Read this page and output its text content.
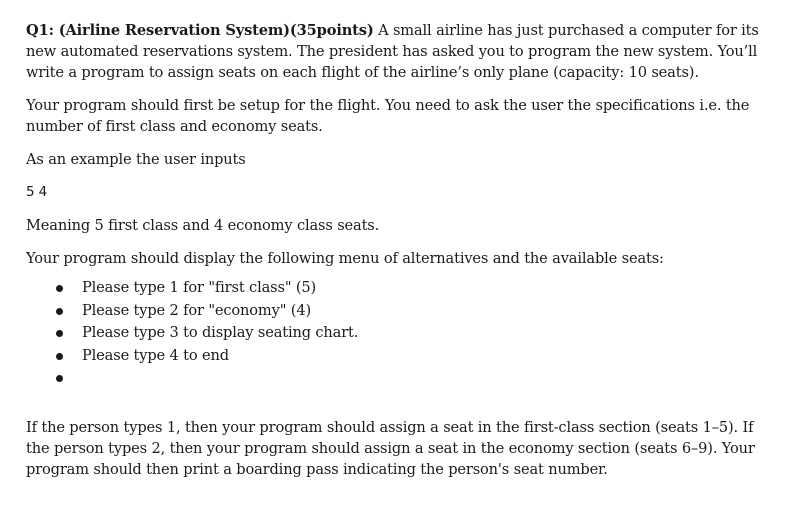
Q1: (Airline Reservation System)(35points) A small airline has just purchased a computer for its new automated reservations system. The president has asked you to program the new system. You’ll write a program to assign seats on each flight of the airline’s only plane (capacity: 10 seats).

Your program should first be setup for the flight. You need to ask the user the specifications i.e. the number of first class and economy seats.

As an example the user inputs

5 4

Meaning 5 first class and 4 economy class seats.

Your program should display the following menu of alternatives and the available seats:

Please type 1 for "first class" (5)
Please type 2 for "economy" (4)
Please type 3 to display seating chart.
Please type 4 to end

If the person types 1, then your program should assign a seat in the first-class section (seats 1–5). If the person types 2, then your program should assign a seat in the economy section (seats 6–9). Your program should then print a boarding pass indicating the person's seat number.
